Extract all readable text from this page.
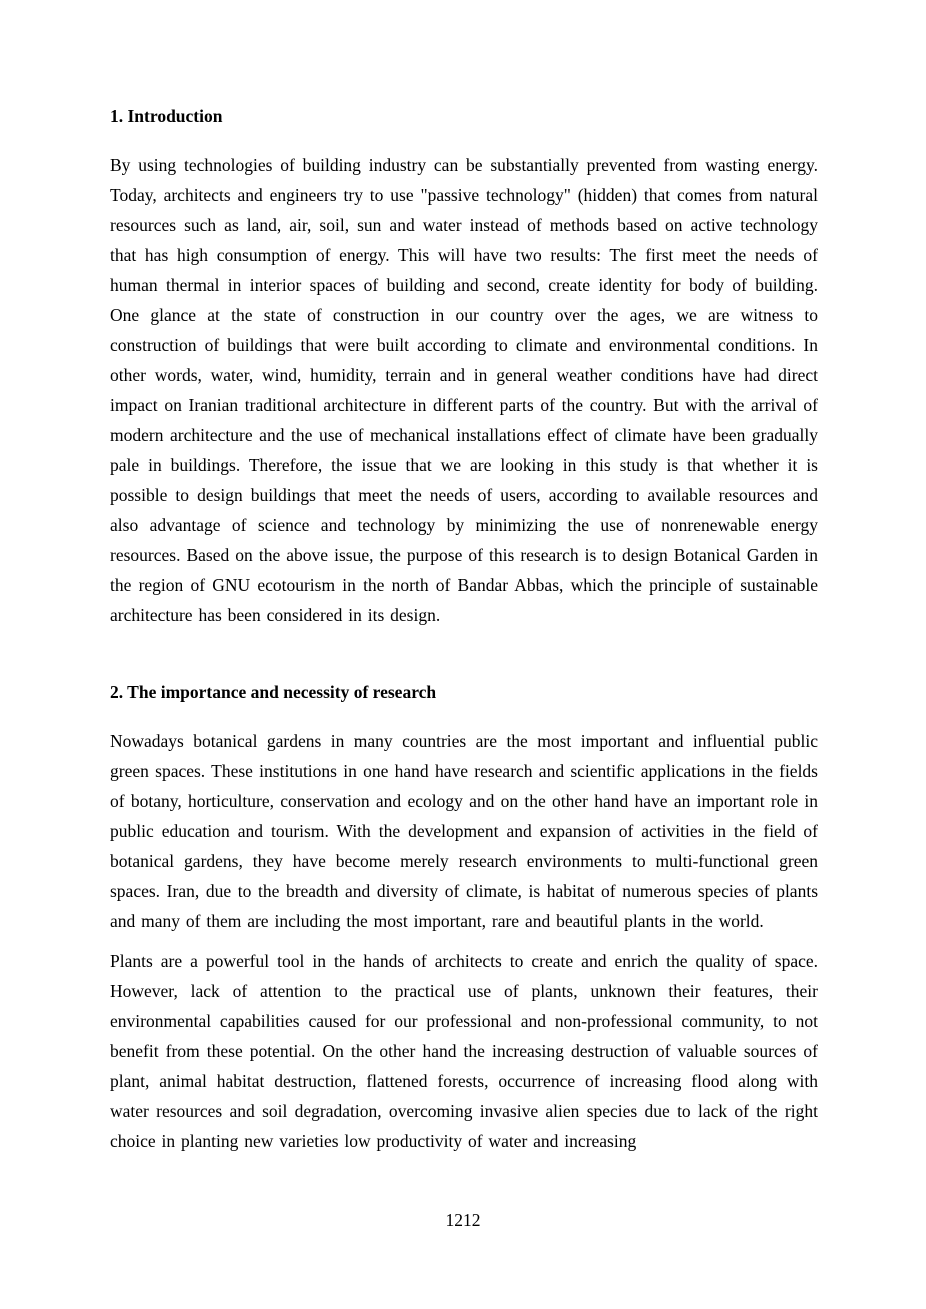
1. Introduction

By using technologies of building industry can be substantially prevented from wasting energy. Today, architects and engineers try to use "passive technology" (hidden) that comes from natural resources such as land, air, soil, sun and water instead of methods based on active technology that has high consumption of energy. This will have two results: The first meet the needs of human thermal in interior spaces of building and second, create identity for body of building. One glance at the state of construction in our country over the ages, we are witness to construction of buildings that were built according to climate and environmental conditions. In other words, water, wind, humidity, terrain and in general weather conditions have had direct impact on Iranian traditional architecture in different parts of the country. But with the arrival of modern architecture and the use of mechanical installations effect of climate have been gradually pale in buildings. Therefore, the issue that we are looking in this study is that whether it is possible to design buildings that meet the needs of users, according to available resources and also advantage of science and technology by minimizing the use of nonrenewable energy resources. Based on the above issue, the purpose of this research is to design Botanical Garden in the region of GNU ecotourism in the north of Bandar Abbas, which the principle of sustainable architecture has been considered in its design.

2. The importance and necessity of research

Nowadays botanical gardens in many countries are the most important and influential public green spaces. These institutions in one hand have research and scientific applications in the fields of botany, horticulture, conservation and ecology and on the other hand have an important role in public education and tourism. With the development and expansion of activities in the field of botanical gardens, they have become merely research environments to multi-functional green spaces. Iran, due to the breadth and diversity of climate, is habitat of numerous species of plants and many of them are including the most important, rare and beautiful plants in the world.

Plants are a powerful tool in the hands of architects to create and enrich the quality of space. However, lack of attention to the practical use of plants, unknown their features, their environmental capabilities caused for our professional and non-professional community, to not benefit from these potential. On the other hand the increasing destruction of valuable sources of plant, animal habitat destruction, flattened forests, occurrence of increasing flood along with water resources and soil degradation, overcoming invasive alien species due to lack of the right choice in planting new varieties low productivity of water and increasing

1212
